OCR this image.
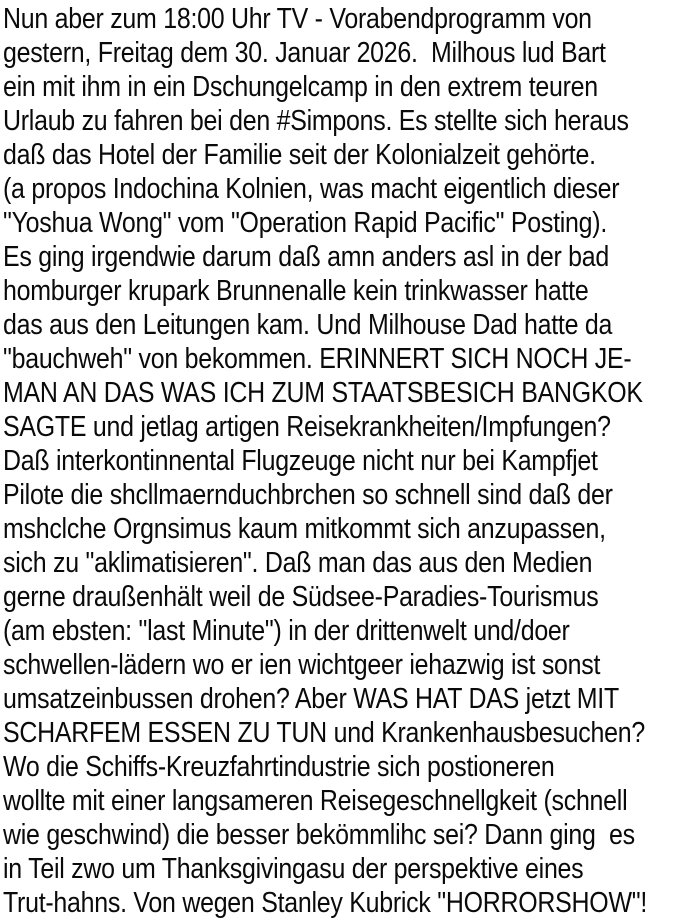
Nun aber zum 18:00 Uhr TV - Vorabendprogramm von
gestern, Freitag dem 30. Januar 2026.  Milhous lud Bart
ein mit ihm in ein Dschungelcamp in den extrem teuren
Urlaub zu fahren bei den #Simpons. Es stellte sich heraus
daß das Hotel der Familie seit der Kolonialzeit gehörte.
(a propos Indochina Kolnien, was macht eigentlich dieser
"Yoshua Wong" vom "Operation Rapid Pacific" Posting).
Es ging irgendwie darum daß amn anders asl in der bad
homburger krupark Brunnenalle kein trinkwasser hatte
das aus den Leitungen kam. Und Milhouse Dad hatte da
"bauchweh" von bekommen. ERINNERT SICH NOCH JE-
MAN AN DAS WAS ICH ZUM STAATSBESICH BANGKOK
SAGTE und jetlag artigen Reisekrankheiten/Impfungen?
Daß interkontinnental Flugzeuge nicht nur bei Kampfjet
Pilote die shcllmaernduchbrchen so schnell sind daß der
mshclche Orgnsimus kaum mitkommt sich anzupassen,
sich zu "aklimatisieren". Daß man das aus den Medien
gerne draußenhält weil de Südsee-Paradies-Tourismus
(am ebsten: "last Minute") in der drittenwelt und/doer
schwellen-lädern wo er ien wichtgeer iehazwig ist sonst
umsatzeinbussen drohen? Aber WAS HAT DAS jetzt MIT
SCHARFEM ESSEN ZU TUN und Krankenhausbesuchen?
Wo die Schiffs-Kreuzfahrtindustrie sich postioneren
wollte mit einer langsameren Reisegeschnellgkeit (schnell
wie geschwind) die besser bekömmlihc sei? Dann ging  es
in Teil zwo um Thanksgivingasu der perspektive eines
Trut-hahns. Von wegen Stanley Kubrick "HORRORSHOW"!
